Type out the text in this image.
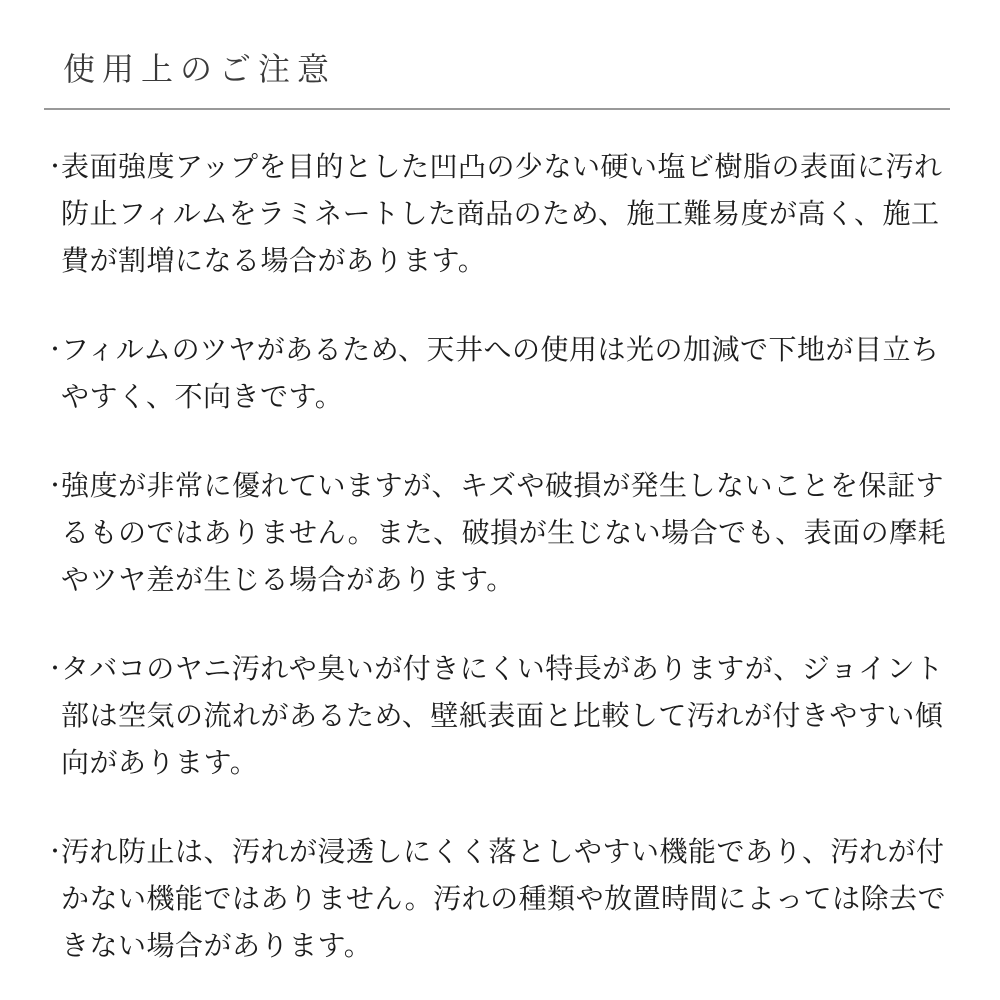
使用上のご注意
・
表面強度アップを目的とした凹凸の少ない硬い塩ビ樹脂の表面に汚れ防止フィルムをラミネートした商品のため、施工難易度が高く、施工費が割増になる場合があります。
・
フィルムのツヤがあるため、天井への使用は光の加減で下地が目立ちやすく、不向きです。
・
強度が非常に優れていますが、キズや破損が発生しないことを保証するものではありません。また、破損が生じない場合でも、表面の摩耗やツヤ差が生じる場合があります。
・
タバコのヤニ汚れや臭いが付きにくい特長がありますが、ジョイント部は空気の流れがあるため、壁紙表面と比較して汚れが付きやすい傾向があります。
・
汚れ防止は、汚れが浸透しにくく落としやすい機能であり、汚れが付かない機能ではありません。汚れの種類や放置時間によっては除去できない場合があります。
